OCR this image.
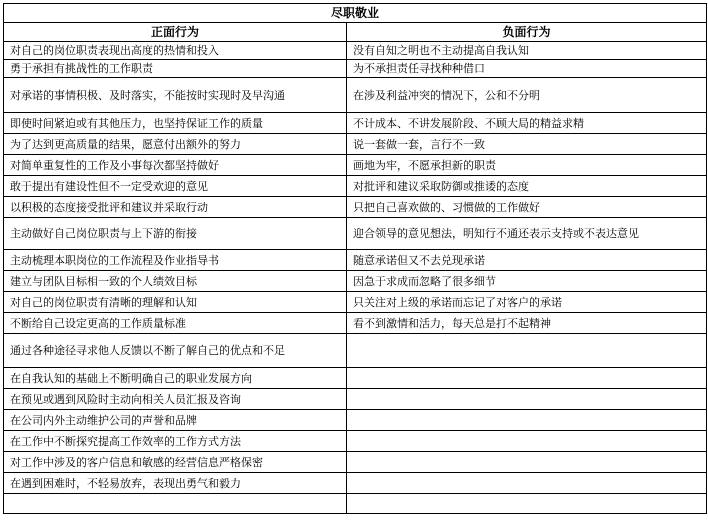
尽职敬业	
正面行为	负面行为
对自己的岗位职责表现出高度的热情和投入	没有自知之明也不主动提高自我认知
勇于承担有挑战性的工作职责	为不承担责任寻找种种借口
对承诺的事情积极、及时落实，不能按时实现时及早沟通	在涉及利益冲突的情况下，公和不分明
即使时间紧迫或有其他压力，也坚持保证工作的质量	不计成本、不讲发展阶段、不顾大局的精益求精
为了达到更高质量的结果，愿意付出额外的努力	说一套做一套，言行不一致
对简单重复性的工作及小事每次都坚持做好	画地为牢，不愿承担新的职责
敢于提出有建设性但不一定受欢迎的意见	对批评和建议采取防御或推诿的态度
以积极的态度接受批评和建议并采取行动	只把自己喜欢做的、习惯做的工作做好
主动做好自己岗位职责与上下游的衔接	迎合领导的意见想法，明知行不通还表示支持或不表达意见
主动梳理本职岗位的工作流程及作业指导书	随意承诺但又不去兑现承诺
建立与团队目标相一致的个人绩效目标	因急于求成而忽略了很多细节
对自己的岗位职责有清晰的理解和认知	只关注对上级的承诺而忘记了对客户的承诺
不断给自己设定更高的工作质量标准	看不到激情和活力，每天总是打不起精神
通过各种途径寻求他人反馈以不断了解自己的优点和不足	
在自我认知的基础上不断明确自己的职业发展方向	
在预见或遇到风险时主动向相关人员汇报及咨询	
在公司内外主动维护公司的声誉和品牌	
在工作中不断探究提高工作效率的工作方式方法	
对工作中涉及的客户信息和敏感的经营信息严格保密	
在遇到困难时，不轻易放弃，表现出勇气和毅力	
